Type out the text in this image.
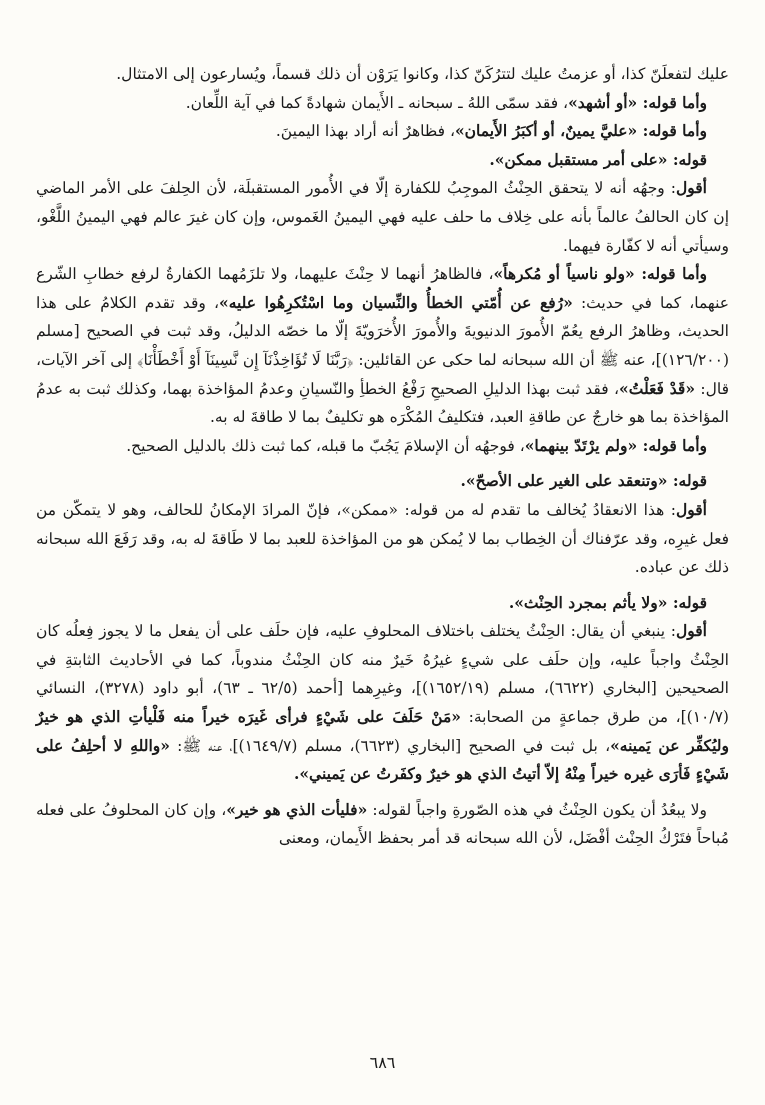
عليك لتفعلَنّ كذا، أو عزمتُ عليك لتترُكَنّ كذا، وكانوا يَرَوْن أن ذلك قسماً، ويُسارعون إلى الامتثال.

وأما قوله: «أو أشهد»، فقد سمّى اللهُ ـ سبحانه ـ الأَيمان شهادةً كما في آية اللِّعان.

وأما قوله: «عليَّ يمينٌ، أو أكبَرُ الأَيمان»، فظاهرٌ أنه أراد بهذا اليمينَ.

قوله: «على أمر مستقبل ممكن».

أقول: وجهُه أنه لا يتحقق الحِنْثُ الموجِبُ للكفارة إلّا في الأُمور المستقبلَة، لأن الحِلفَ على الأمر الماضي إن كان الحالفُ عالماً بأنه على خِلاف ما حلف عليه فهي اليمينُ الغَموس، وإن كان غيرَ عالم فهي اليمينُ اللَّغْو، وسيأتي أنه لا كفّارة فيهما.

وأما قوله: «ولو ناسياً أو مُكرهاً»، فالظاهرُ أنهما لا حِنْثَ عليهما، ولا تلزَمُهما الكفارةُ لرفع خطابِ الشّرع عنهما، كما في حديث: «رُفع عن أُمّتي الخطأُ والنِّسيان وما اسْتُكرِهُوا عليه»، وقد تقدم الكلامُ على هذا الحديث، وظاهرُ الرفع يعُمّ الأُمورَ الدنيويةَ والأُمورَ الأُخرَويّةَ إلّا ما خصّه الدليلُ، وقد ثبت في الصحيح [مسلم (١٢٦/٢٠٠)]، عنه ﷺ أن الله سبحانه لما حكى عن القائلين: ﴿رَبَّنَا لَا تُؤَاخِذْنَآ إِن نَّسِينَآ أَوْ أَخْطَأْنَا﴾ إلى آخر الآيات، قال: «قَدْ فَعَلْتُ»، فقد ثبت بهذا الدليلِ الصحيحِ رَفْعُ الخطأِ والنّسيانِ وعدمُ المؤاخذة بهما، وكذلك ثبت به عدمُ المؤاخذة بما هو خارجٌ عن طاقةِ العبد، فتكليفُ المُكْرَه هو تكليفٌ بما لا طاقةَ له به.

وأما قوله: «ولم يرْتَدّ بينهما»، فوجهُه أن الإسلامَ يَجُبّ ما قبله، كما ثبت ذلك بالدليل الصحيح.

قوله: «وتنعقد على الغير على الأصحّ».

أقول: هذا الانعقادُ يُخالف ما تقدم له من قوله: «ممكن»، فإنّ المرادَ الإمكانُ للحالف، وهو لا يتمكّن من فعل غيرِه، وقد عرّفناك أن الخِطاب بما لا يُمكن هو من المؤاخذة للعبد بما لا طَاقةَ له به، وقد رَفَعَ الله سبحانه ذلك عن عباده.

قوله: «ولا يأثم بمجرد الحِنْث».

أقول: ينبغي أن يقال: الحِنْثُ يختلف باختلاف المحلوفِ عليه، فإن حلَف على أن يفعل ما لا يجوز فِعلُه كان الحِنْثُ واجباً عليه، وإن حلَف على شيءٍ غيرُهُ خَيرٌ منه كان الحِنْثُ مندوباً، كما في الأحاديث الثابتةِ في الصحيحين [البخاري (٦٦٢٢)، مسلم (١٦٥٢/١٩)]، وغيرِهما [أحمد (٦٢/٥ ـ ٦٣)، أبو داود (٣٢٧٨)، النسائي (١٠/٧)]، من طرق جماعةٍ من الصحابة: «مَنْ حَلَفَ على شَيْءٍ فرأى غَيرَه خيراً منه فَلْيأتِ الذي هو خيرٌ وليُكفِّر عن يَمينه»، بل ثبت في الصحيح [البخاري (٦٦٢٣)، مسلم (١٦٤٩/٧)]، عنه ﷺ: «واللهِ لا أحلِفُ على شَيْءٍ فَأرَى غيره خيراً مِنْهُ إلاّ أتيتُ الذي هو خيرٌ وكفَرتُ عن يَميني».

ولا يبعُدُ أن يكون الحِنْثُ في هذه الصّورةِ واجباً لقوله: «فليأت الذي هو خير»، وإن كان المحلوفُ على فعله مُباحاً فتَرْكُ الحِنْث أفْضَل، لأن الله سبحانه قد أمر بحفظ الأَيمان، ومعنى

٦٨٦
